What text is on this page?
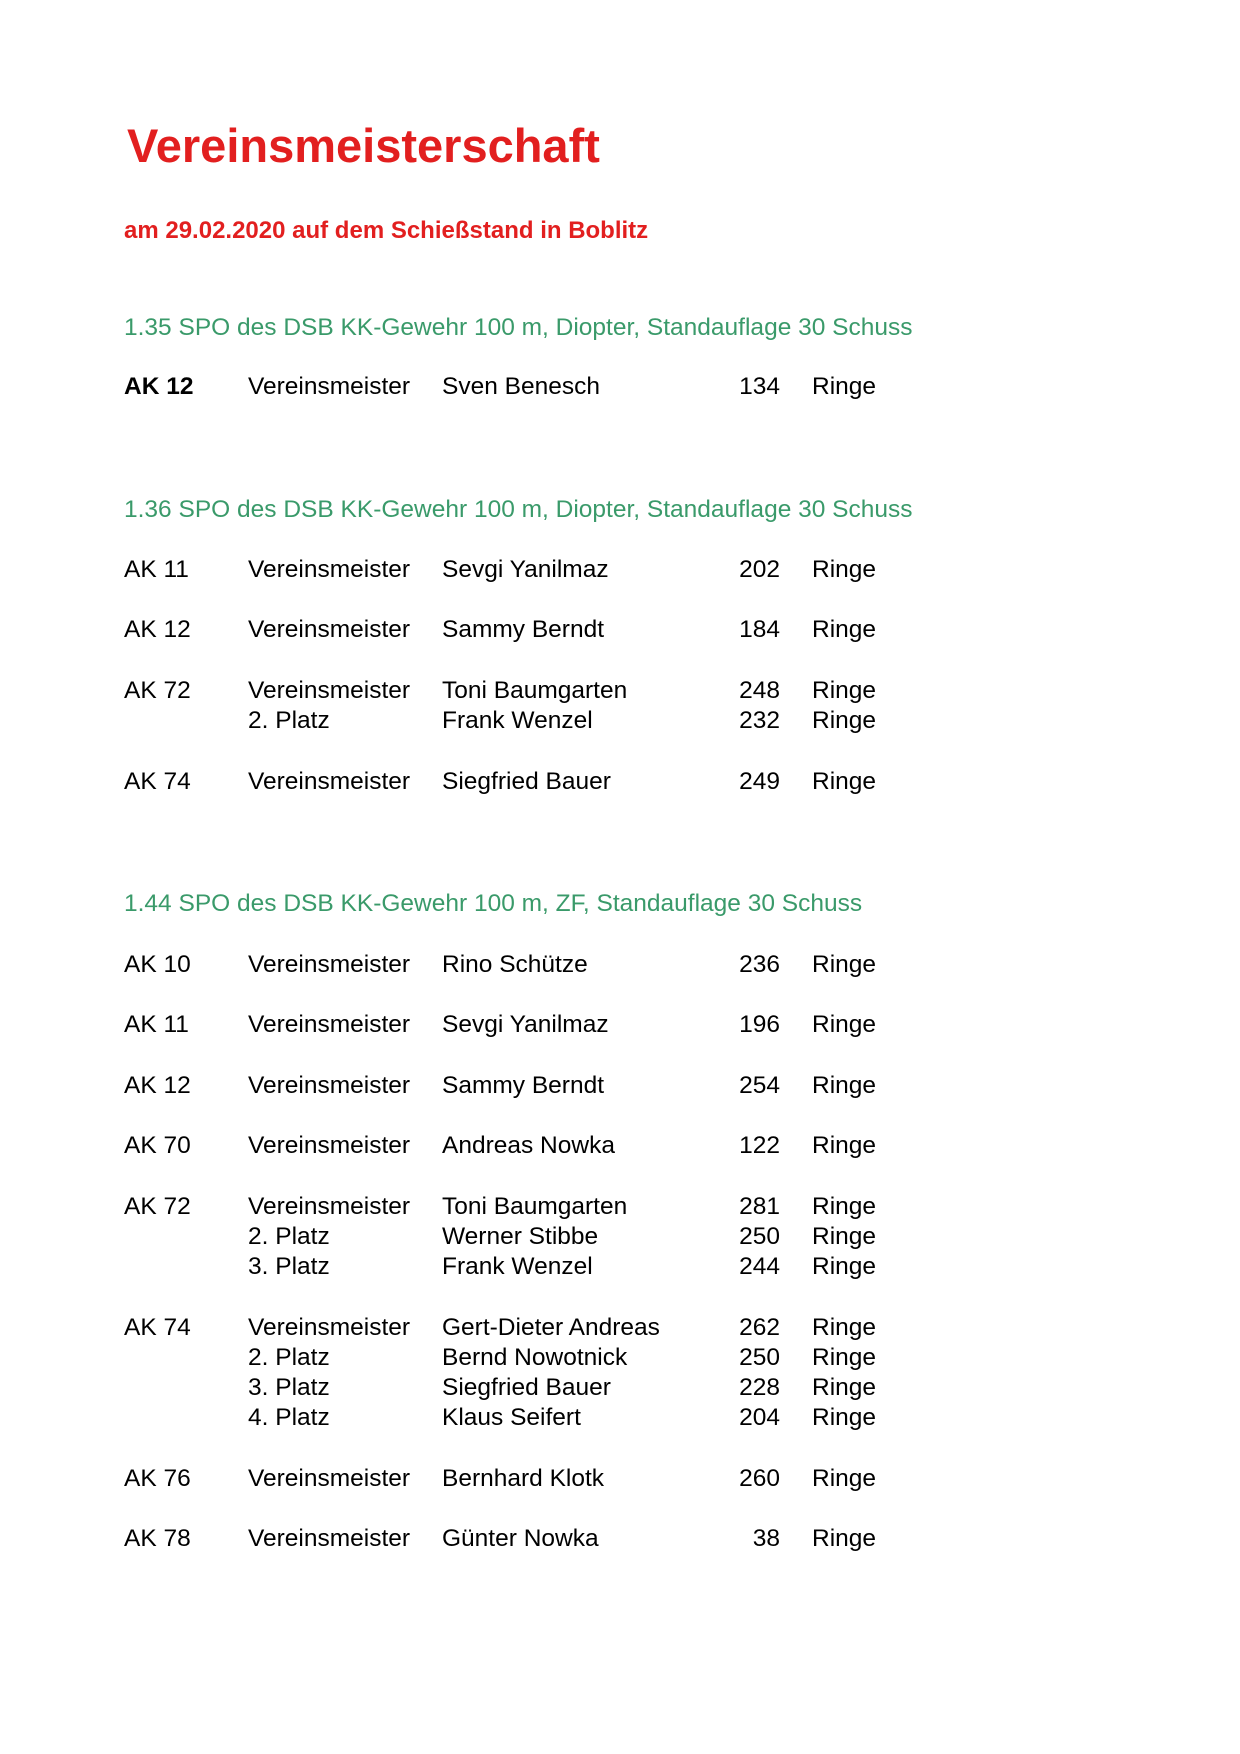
Vereinsmeisterschaft
am 29.02.2020 auf dem Schießstand in Boblitz
1.35 SPO des DSB KK-Gewehr 100 m, Diopter, Standauflage 30 Schuss
AK 12 Vereinsmeister Sven Benesch	134 Ringe
1.36 SPO des DSB KK-Gewehr 100 m, Diopter, Standauflage 30 Schuss
AK 11 Vereinsmeister Sevgi Yanilmaz	202 Ringe
AK 12 Vereinsmeister Sammy Berndt	184 Ringe
AK 72 Vereinsmeister Toni Baumgarten	248 Ringe
2. Platz	Frank Wenzel	232 Ringe
AK 74 Vereinsmeister Siegfried Bauer	249 Ringe
1.44 SPO des DSB KK-Gewehr 100 m, ZF, Standauflage 30 Schuss
AK 10 Vereinsmeister Rino Schütze	236 Ringe
AK 11 Vereinsmeister Sevgi Yanilmaz	196 Ringe
AK 12 Vereinsmeister Sammy Berndt	254 Ringe
AK 70 Vereinsmeister Andreas Nowka	122 Ringe
AK 72 Vereinsmeister Toni Baumgarten	281 Ringe
2. Platz	Werner Stibbe	250 Ringe
3. Platz	Frank Wenzel	244 Ringe
AK 74 Vereinsmeister Gert-Dieter Andreas	262 Ringe
2. Platz	Bernd Nowotnick	250 Ringe
3. Platz	Siegfried Bauer	228 Ringe
4. Platz	Klaus Seifert	204 Ringe
AK 76 Vereinsmeister Bernhard Klotk	260 Ringe
AK 78 Vereinsmeister Günter Nowka	38 Ringe
